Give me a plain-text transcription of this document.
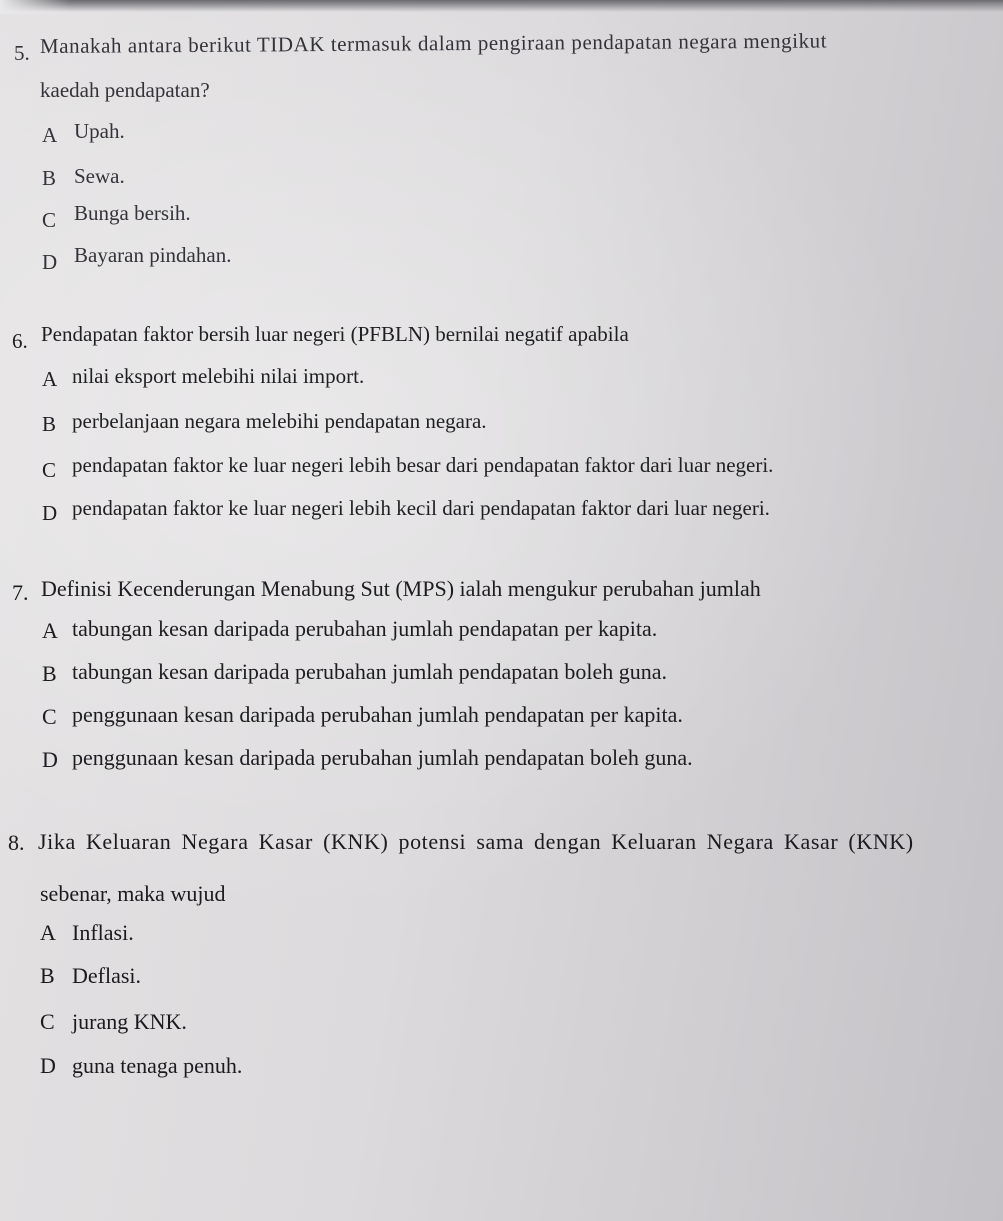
5. Manakah antara berikut TIDAK termasuk dalam pengiraan pendapatan negara mengikut
kaedah pendapatan?
A Upah.
B Sewa.
C Bunga bersih.
D Bayaran pindahan.
6. Pendapatan faktor bersih luar negeri (PFBLN) bernilai negatif apabila
A nilai eksport melebihi nilai import.
B perbelanjaan negara melebihi pendapatan negara.
C pendapatan faktor ke luar negeri lebih besar dari pendapatan faktor dari luar negeri.
D pendapatan faktor ke luar negeri lebih kecil dari pendapatan faktor dari luar negeri.
7. Definisi Kecenderungan Menabung Sut (MPS) ialah mengukur perubahan jumlah
A tabungan kesan daripada perubahan jumlah pendapatan per kapita.
B tabungan kesan daripada perubahan jumlah pendapatan boleh guna.
C penggunaan kesan daripada perubahan jumlah pendapatan per kapita.
D penggunaan kesan daripada perubahan jumlah pendapatan boleh guna.
8. Jika Keluaran Negara Kasar (KNK) potensi sama dengan Keluaran Negara Kasar (KNK)
sebenar, maka wujud
A Inflasi.
B Deflasi.
C jurang KNK.
D guna tenaga penuh.
